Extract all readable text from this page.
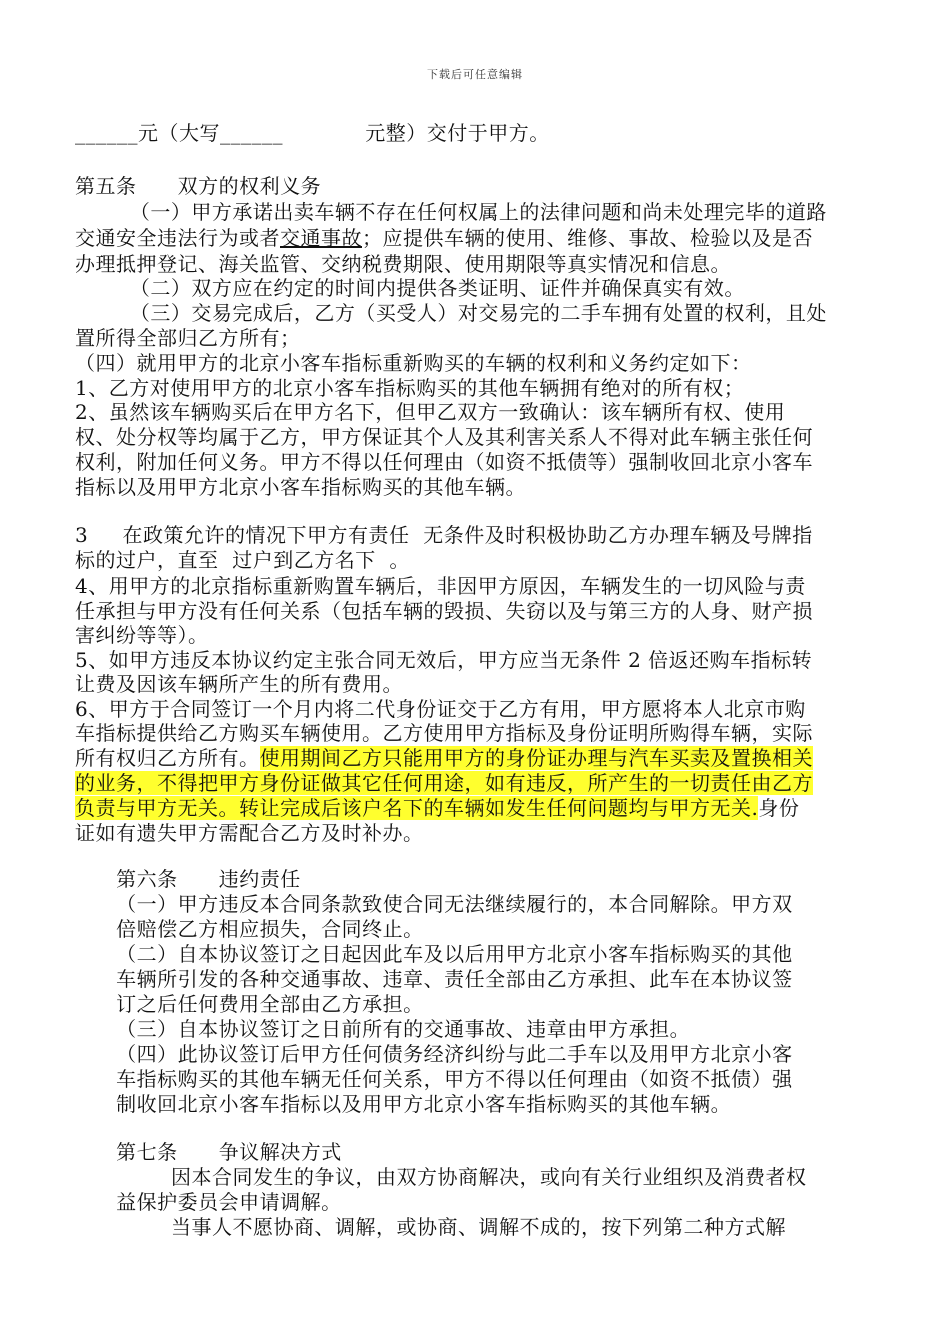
下载后可任意编辑
______元（大写______            元整）交付于甲方。
第五条      双方的权利义务
（一）甲方承诺出卖车辆不存在任何权属上的法律问题和尚未处理完毕的道路
交通安全违法行为或者交通事故；应提供车辆的使用、维修、事故、检验以及是否
办理抵押登记、海关监管、交纳税费期限、使用期限等真实情况和信息。
（二）双方应在约定的时间内提供各类证明、证件并确保真实有效。
（三）交易完成后，乙方（买受人）对交易完的二手车拥有处置的权利，且处
置所得全部归乙方所有；
（四）就用甲方的北京小客车指标重新购买的车辆的权利和义务约定如下：
1、乙方对使用甲方的北京小客车指标购买的其他车辆拥有绝对的所有权；
2、虽然该车辆购买后在甲方名下，但甲乙双方一致确认：该车辆所有权、使用
权、处分权等均属于乙方，甲方保证其个人及其利害关系人不得对此车辆主张任何
权利，附加任何义务。甲方不得以任何理由（如资不抵债等）强制收回北京小客车
指标以及用甲方北京小客车指标购买的其他车辆。
3     在政策允许的情况下甲方有责任  无条件及时积极协助乙方办理车辆及号牌指
标的过户，直至  过户到乙方名下  。
4、用甲方的北京指标重新购置车辆后，非因甲方原因，车辆发生的一切风险与责
任承担与甲方没有任何关系（包括车辆的毁损、失窃以及与第三方的人身、财产损
害纠纷等等）。
5、如甲方违反本协议约定主张合同无效后，甲方应当无条件 2 倍返还购车指标转
让费及因该车辆所产生的所有费用。
6、甲方于合同签订一个月内将二代身份证交于乙方有用，甲方愿将本人北京市购
车指标提供给乙方购买车辆使用。乙方使用甲方指标及身份证明所购得车辆，实际
所有权归乙方所有。使用期间乙方只能用甲方的身份证办理与汽车买卖及置换相关
的业务，不得把甲方身份证做其它任何用途，如有违反，所产生的一切责任由乙方
负责与甲方无关。转让完成后该户名下的车辆如发生任何问题均与甲方无关.身份
证如有遗失甲方需配合乙方及时补办。
第六条      违约责任
（一）甲方违反本合同条款致使合同无法继续履行的，本合同解除。甲方双
倍赔偿乙方相应损失，合同终止。
（二）自本协议签订之日起因此车及以后用甲方北京小客车指标购买的其他
车辆所引发的各种交通事故、违章、责任全部由乙方承担、此车在本协议签
订之后任何费用全部由乙方承担。
（三）自本协议签订之日前所有的交通事故、违章由甲方承担。
（四）此协议签订后甲方任何债务经济纠纷与此二手车以及用甲方北京小客
车指标购买的其他车辆无任何关系，甲方不得以任何理由（如资不抵债）强
制收回北京小客车指标以及用甲方北京小客车指标购买的其他车辆。
第七条      争议解决方式
因本合同发生的争议，由双方协商解决，或向有关行业组织及消费者权
益保护委员会申请调解。
当事人不愿协商、调解，或协商、调解不成的，按下列第二种方式解
